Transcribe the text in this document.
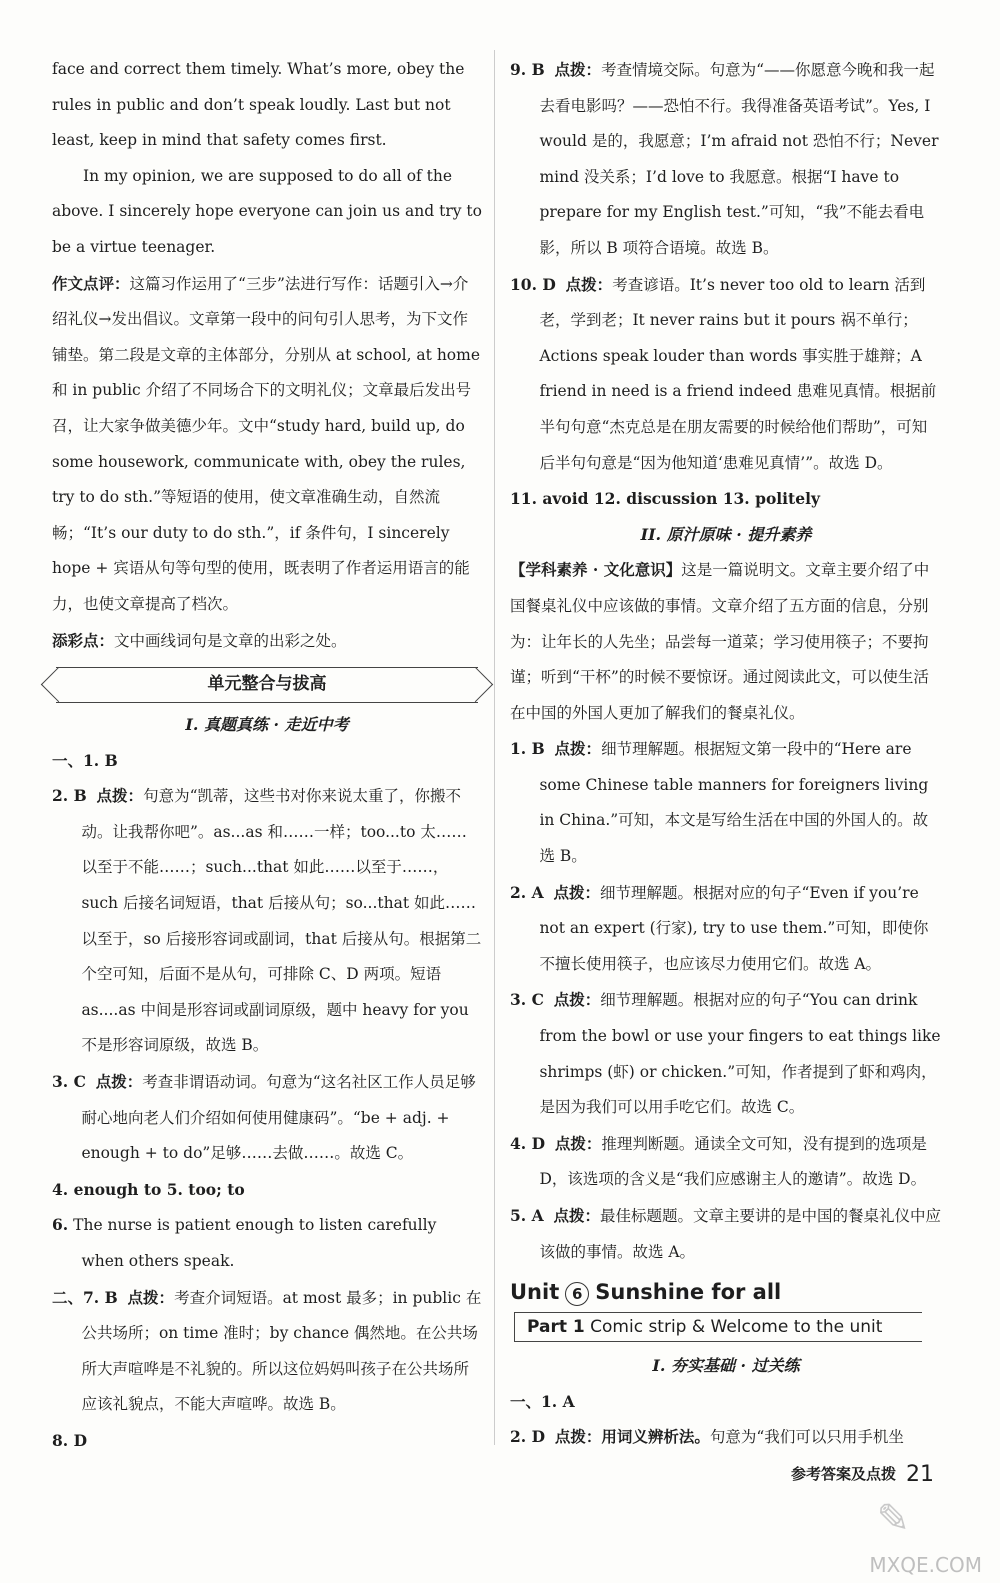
face and correct them timely. What’s more, obey the rules in public and don’t speak loudly. Last but not least, keep in mind that safety comes first.

In my opinion, we are supposed to do all of the above. I sincerely hope everyone can join us and try to be a virtue teenager.

作文点评：这篇习作运用了“三步”法进行写作：话题引入→介绍礼仪→发出倡议。文章第一段中的问句引人思考，为下文作铺垫。第二段是文章的主体部分，分别从 at school, at home 和 in public 介绍了不同场合下的文明礼仪；文章最后发出号召，让大家争做美德少年。文中“study hard, build up, do some housework, communicate with, obey the rules, try to do sth.”等短语的使用，使文章准确生动，自然流畅；“It’s our duty to do sth.”，if 条件句，I sincerely hope + 宾语从句等句型的使用，既表明了作者运用语言的能力，也使文章提高了档次。

添彩点：文中画线词句是文章的出彩之处。

单元整合与拔高

I. 真题真练 · 走近中考

一、1. B

2. B 点拨：句意为“凯蒂，这些书对你来说太重了，你搬不动。让我帮你吧”。as...as 和……一样；too...to 太……以至于不能……；such...that 如此……以至于……，such 后接名词短语，that 后接从句；so...that 如此……以至于，so 后接形容词或副词，that 后接从句。根据第二个空可知，后面不是从句，可排除 C、D 两项。短语 as....as 中间是形容词或副词原级，题中 heavy for you 不是形容词原级，故选 B。

3. C 点拨：考查非谓语动词。句意为“这名社区工作人员足够耐心地向老人们介绍如何使用健康码”。“be + adj. + enough + to do”足够……去做……。故选 C。

4. enough to 5. too; to

6. The nurse is patient enough to listen carefully when others speak.

二、7. B 点拨：考查介词短语。at most 最多；in public 在公共场所；on time 准时；by chance 偶然地。在公共场所大声喧哗是不礼貌的。所以这位妈妈叫孩子在公共场所应该礼貌点，不能大声喧哗。故选 B。

8. D

9. B 点拨：考查情境交际。句意为“——你愿意今晚和我一起去看电影吗？——恐怕不行。我得准备英语考试”。Yes, I would 是的，我愿意；I’m afraid not 恐怕不行；Never mind 没关系；I’d love to 我愿意。根据“I have to prepare for my English test.”可知，“我”不能去看电影，所以 B 项符合语境。故选 B。

10. D 点拨：考查谚语。It’s never too old to learn 活到老，学到老；It never rains but it pours 祸不单行；Actions speak louder than words 事实胜于雄辩；A friend in need is a friend indeed 患难见真情。根据前半句句意“杰克总是在朋友需要的时候给他们帮助”，可知后半句句意是“因为他知道‘患难见真情’”。故选 D。

11. avoid 12. discussion 13. politely

II. 原汁原味 · 提升素养

【学科素养 · 文化意识】这是一篇说明文。文章主要介绍了中国餐桌礼仪中应该做的事情。文章介绍了五方面的信息，分别为：让年长的人先坐；品尝每一道菜；学习使用筷子；不要拘谨；听到“干杯”的时候不要惊讶。通过阅读此文，可以使生活在中国的外国人更加了解我们的餐桌礼仪。

1. B 点拨：细节理解题。根据短文第一段中的“Here are some Chinese table manners for foreigners living in China.”可知，本文是写给生活在中国的外国人的。故选 B。

2. A 点拨：细节理解题。根据对应的句子“Even if you’re not an expert (行家), try to use them.”可知，即使你不擅长使用筷子，也应该尽力使用它们。故选 A。

3. C 点拨：细节理解题。根据对应的句子“You can drink from the bowl or use your fingers to eat things like shrimps (虾) or chicken.”可知，作者提到了虾和鸡肉，是因为我们可以用手吃它们。故选 C。

4. D 点拨：推理判断题。通读全文可知，没有提到的选项是 D，该选项的含义是“我们应感谢主人的邀请”。故选 D。

5. A 点拨：最佳标题题。文章主要讲的是中国的餐桌礼仪中应该做的事情。故选 A。

Unit 6 Sunshine for all
Part 1 Comic strip & Welcome to the unit

I. 夯实基础 · 过关练

一、1. A

2. D 点拨：用词义辨析法。句意为“我们可以只用手机坐

参考答案及点拨 21
✎
MXQE.COM
